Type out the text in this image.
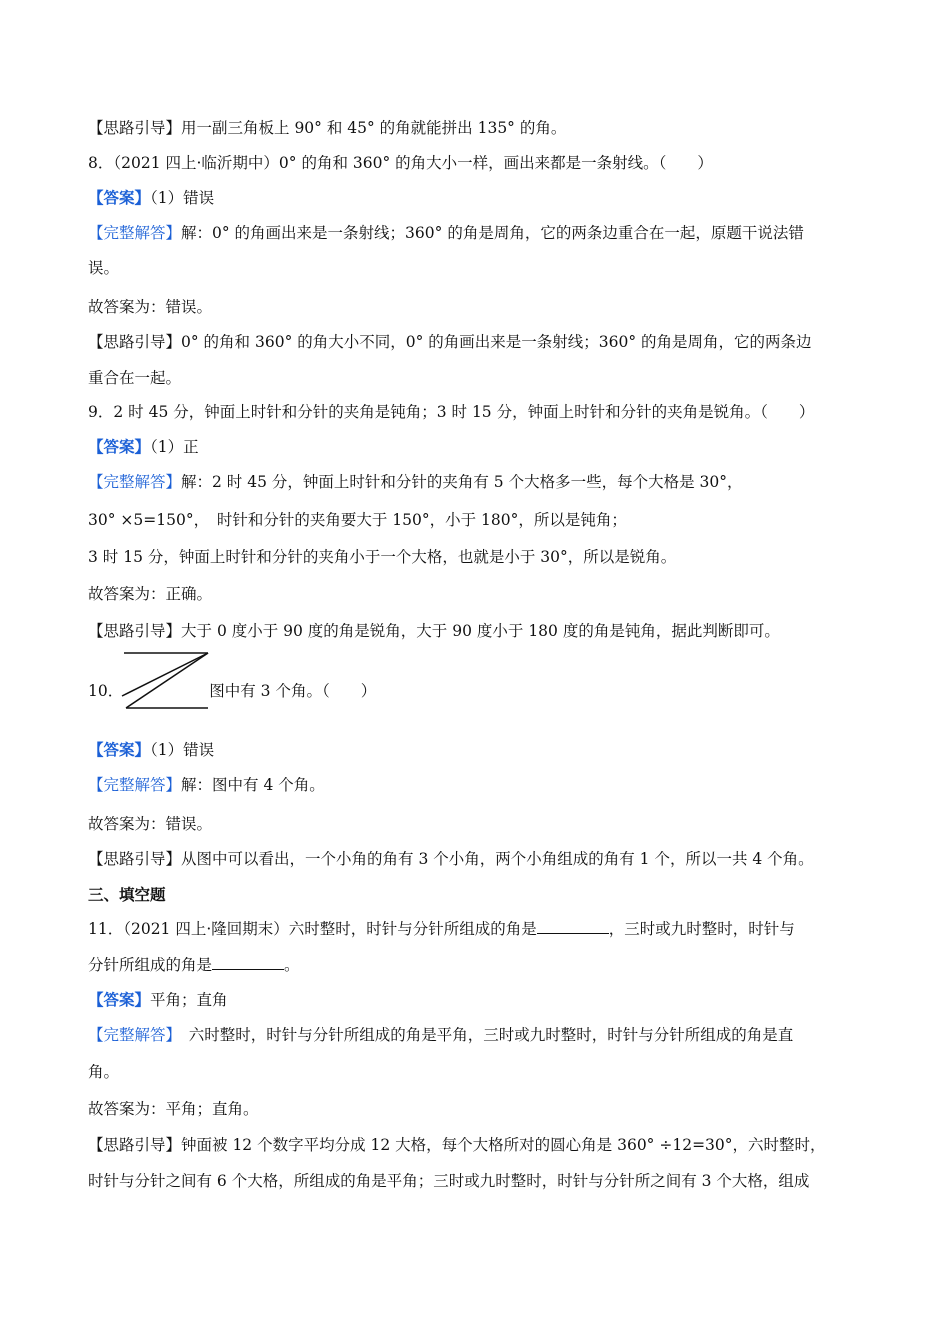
【思路引导】用一副三角板上 90° 和 45° 的角就能拼出 135° 的角。
8．（2021 四上·临沂期中）0° 的角和 360° 的角大小一样，画出来都是一条射线。（　　）
【答案】（1）错误
【完整解答】解：0° 的角画出来是一条射线；360° 的角是周角，它的两条边重合在一起，原题干说法错
误。
故答案为：错误。
【思路引导】0° 的角和 360° 的角大小不同，0° 的角画出来是一条射线；360° 的角是周角，它的两条边
重合在一起。
9．2 时 45 分，钟面上时针和分针的夹角是钝角；3 时 15 分，钟面上时针和分针的夹角是锐角。（　　）
【答案】（1）正
【完整解答】解：2 时 45 分，钟面上时针和分针的夹角有 5 个大格多一些，每个大格是 30°，
30° ×5=150°，　时针和分针的夹角要大于 150°，小于 180°，所以是钝角；
3 时 15 分，钟面上时针和分针的夹角小于一个大格，也就是小于 30°，所以是锐角。
故答案为：正确。
【思路引导】大于 0 度小于 90 度的角是锐角，大于 90 度小于 180 度的角是钝角，据此判断即可。
10．	图中有 3 个角。（　　）
【答案】（1）错误
【完整解答】解：图中有 4 个角。
故答案为：错误。
【思路引导】从图中可以看出，一个小角的角有 3 个小角，两个小角组成的角有 1 个，所以一共 4 个角。
三、填空题
11．（2021 四上·隆回期末）六时整时，时针与分针所组成的角是	，三时或九时整时，时针与
分针所组成的角是	。
【答案】平角；直角
【完整解答】　六时整时，时针与分针所组成的角是平角，三时或九时整时，时针与分针所组成的角是直
角。
故答案为：平角；直角。
【思路引导】钟面被 12 个数字平均分成 12 大格，每个大格所对的圆心角是 360° ÷12=30°，六时整时，
时针与分针之间有 6 个大格，所组成的角是平角；三时或九时整时，时针与分针所之间有 3 个大格，组成
